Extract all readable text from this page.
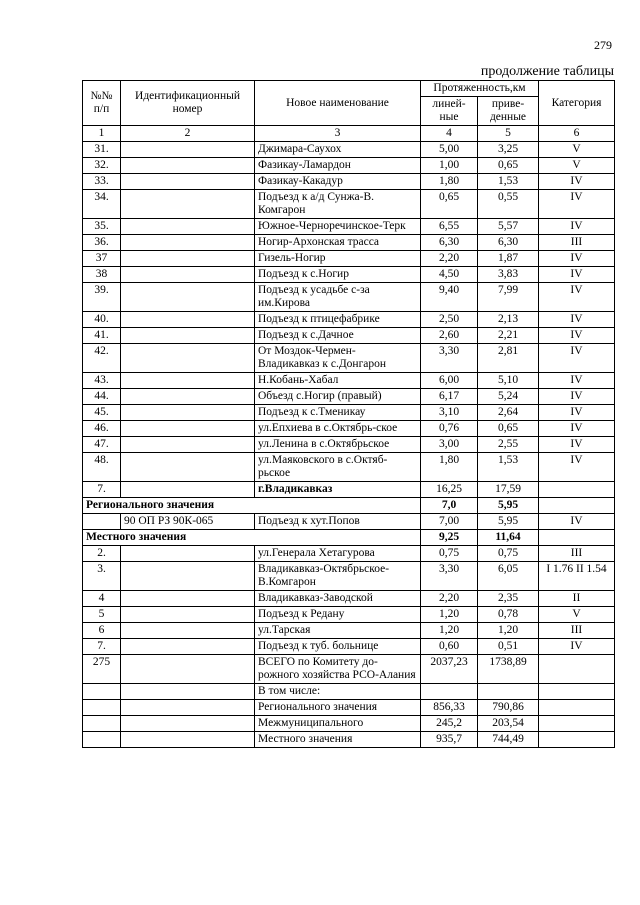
279
продолжение таблицы
№№ п/п	Идентификационный номер	Новое наименование	Протяженность,км		Категория
			линей-ные	приве-денные	
1	2	3	4	5	6
31.		Джимара-Саухох	5,00	3,25	V
32.		Фазикау-Ламардон	1,00	0,65	V
33.		Фазикау-Какадур	1,80	1,53	IV
34.		Подъезд к а/д Сунжа-В. Комгарон	0,65	0,55	IV
35.		Южное-Черноречинское-Терк	6,55	5,57	IV
36.		Ногир-Архонская трасса	6,30	6,30	III
37		Гизель-Ногир	2,20	1,87	IV
38		Подъезд к с.Ногир	4,50	3,83	IV
39.		Подъезд к усадьбе с-за им.Кирова	9,40	7,99	IV
40.		Подъезд к птицефабрике	2,50	2,13	IV
41.		Подъезд к с.Дачное	2,60	2,21	IV
42.		От Моздок-Чермен-Владикавказ к с.Донгарон	3,30	2,81	IV
43.		Н.Кобань-Хабал	6,00	5,10	IV
44.		Объезд с.Ногир (правый)	6,17	5,24	IV
45.		Подъезд к с.Тменикау	3,10	2,64	IV
46.		ул.Епхиева в с.Октябрь-ское	0,76	0,65	IV
47.		ул.Ленина в с.Октябрьское	3,00	2,55	IV
48.		ул.Маяковского в с.Октяб-рьское	1,80	1,53	IV
7.		г.Владикавказ	16,25	17,59	
Регионального значения			7,0	5,95	
	90 ОП РЗ 90К-065	Подъезд к хут.Попов	7,00	5,95	IV
Местного значения			9,25	11,64	
2.		ул.Генерала Хетагурова	0,75	0,75	III
3.		Владикавказ-Октябрьское-В.Комгарон	3,30	6,05	I 1.76 II 1.54
4		Владикавказ-Заводской	2,20	2,35	II
5		Подъезд к Редану	1,20	0,78	V
6		ул.Тарская	1,20	1,20	III
7.		Подъезд к туб. больнице	0,60	0,51	IV
275		ВСЕГО по Комитету до-рожного хозяйства РСО-Алания	2037,23	1738,89	
		В том числе:			
		Регионального значения	856,33	790,86	
		Межмуниципального	245,2	203,54	
		Местного значения	935,7	744,49	
